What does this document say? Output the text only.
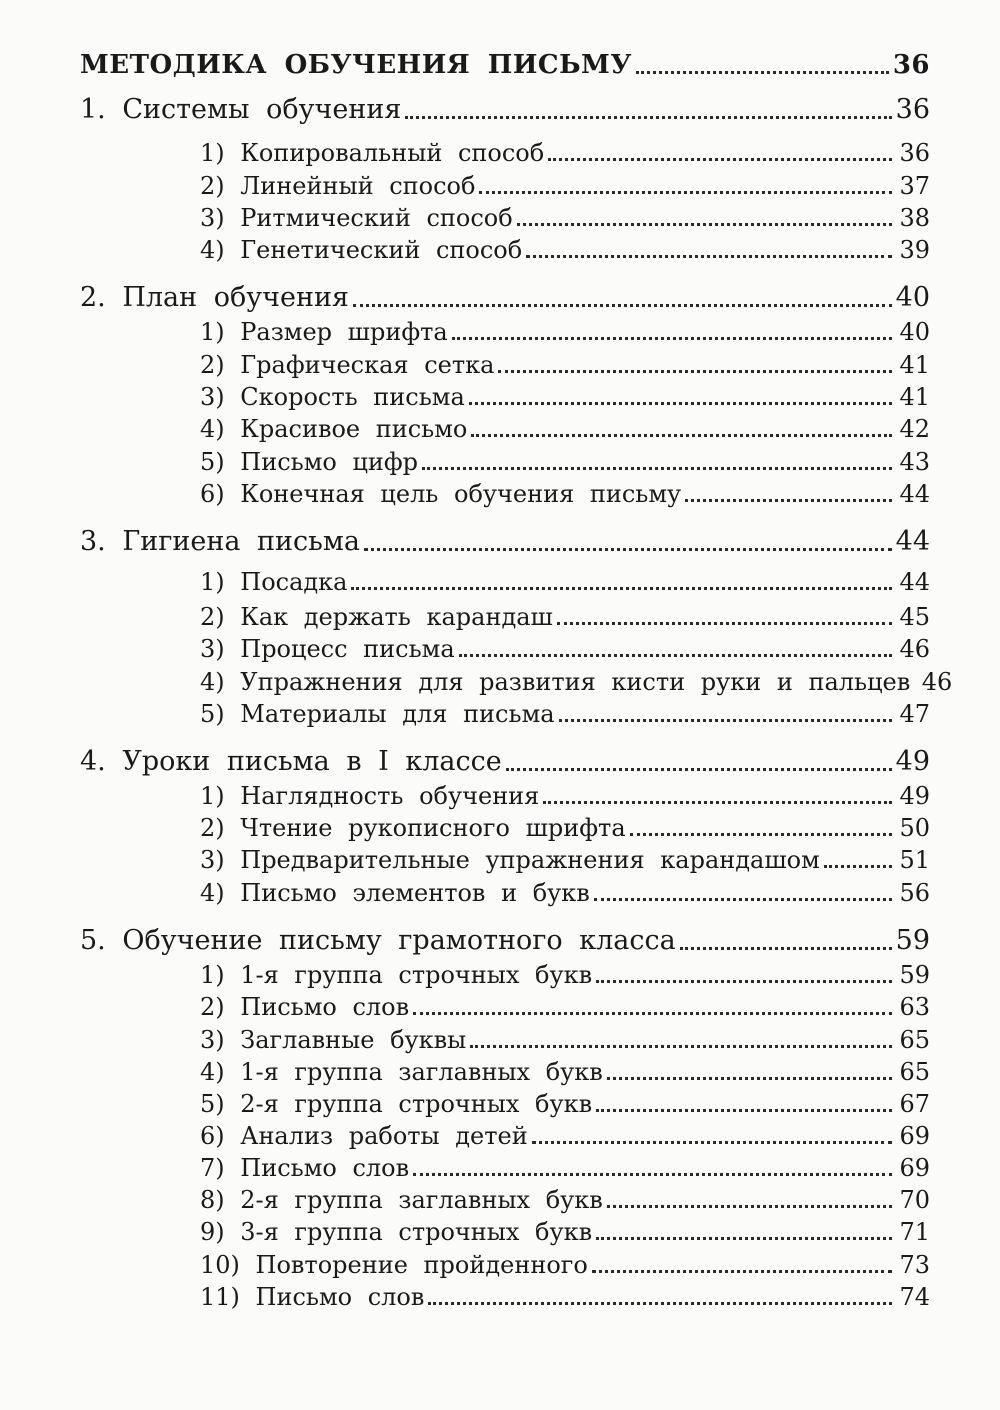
МЕТОДИКА ОБУЧЕНИЯ ПИСЬМУ	36
1. Системы обучения	36
1) Копировальный способ	36
2) Линейный способ	37
3) Ритмический способ	38
4) Генетический способ	39
2. План обучения	40
1) Размер шрифта	40
2) Графическая сетка	41
3) Скорость письма	41
4) Красивое письмо	42
5) Письмо цифр	43
6) Конечная цель обучения письму	44
3. Гигиена письма	44
1) Посадка	44
2) Как держать карандаш	45
3) Процесс письма	46
4) Упражнения для развития кисти руки и пальцев 46
5) Материалы для письма	47
4. Уроки письма в I классе	49
1) Наглядность обучения	49
2) Чтение рукописного шрифта	50
3) Предварительные упражнения карандашом	51
4) Письмо элементов и букв	56
5. Обучение письму грамотного класса	59
1) 1-я группа строчных букв	59
2) Письмо слов	63
3) Заглавные буквы	65
4) 1-я группа заглавных букв	65
5) 2-я группа строчных букв	67
6) Анализ работы детей	69
7) Письмо слов	69
8) 2-я группа заглавных букв	70
9) 3-я группа строчных букв	71
10) Повторение пройденного	73
11) Письмо слов	74
